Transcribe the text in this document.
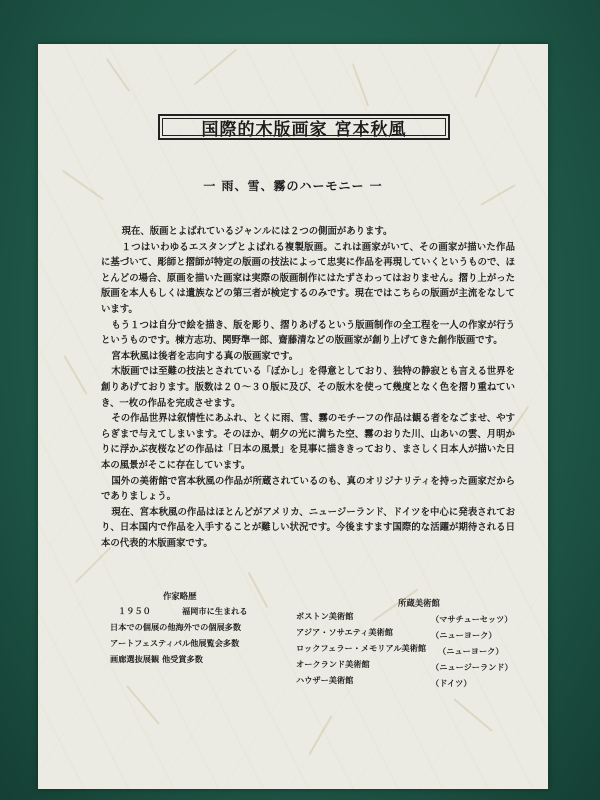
国際的木版画家 宮本秋風
一 雨、雪、霧のハーモニー 一

現在、版画とよばれているジャンルには２つの側面があります。

１つはいわゆるエスタンプとよばれる複製版画。これは画家がいて、その画家が描いた作品に基づいて、彫師と摺師が特定の版画の技法によって忠実に作品を再現していくというもので、ほとんどの場合、原画を描いた画家は実際の版画制作にはたずさわってはおりません。摺り上がった版画を本人もしくは遺族などの第三者が検定するのみです。現在ではこちらの版画が主流をなしています。

もう１つは自分で絵を描き、版を彫り、摺りあげるという版画制作の全工程を一人の作家が行うというものです。棟方志功、関野準一郎、齋藤清などの版画家が創り上げてきた創作版画です。

宮本秋風は後者を志向する真の版画家です。

木版画では至難の技法とされている「ぼかし」を得意としており、独特の静寂とも言える世界を創りあげております。版数は２０～３０版に及び、その版木を使って幾度となく色を摺り重ねていき、一枚の作品を完成させます。

その作品世界は叙情性にあふれ、とくに雨、雪、霧のモチーフの作品は観る者をなごませ、やすらぎまで与えてしまいます。そのほか、朝夕の光に満ちた空、霧のおりた川、山あいの雲、月明かりに浮かぶ夜桜などの作品は「日本の風景」を見事に描ききっており、まさしく日本人が描いた日本の風景がそこに存在しています。

国外の美術館で宮本秋風の作品が所蔵されているのも、真のオリジナリティを持った画家だからでありましょう。

現在、宮本秋風の作品はほとんどがアメリカ、ニュージーランド、ドイツを中心に発表されており、日本国内で作品を入手することが難しい状況です。今後ますます国際的な活躍が期待される日本の代表的木版画家です。

作家略歴
１９５０	福岡市に生まれる
日本での個展の他海外での個展多数
アートフェスティバル他展覧会多数
画廊選抜展観 他受賞多数
所蔵美術館
ボストン美術館	（マサチューセッツ）
アジア・ソサエティ美術館	（ニューヨーク）
ロックフェラー・メモリアル美術館 （ニューヨーク）
オークランド美術館	（ニュージーランド）
ハウザー美術館	（ドイツ）
